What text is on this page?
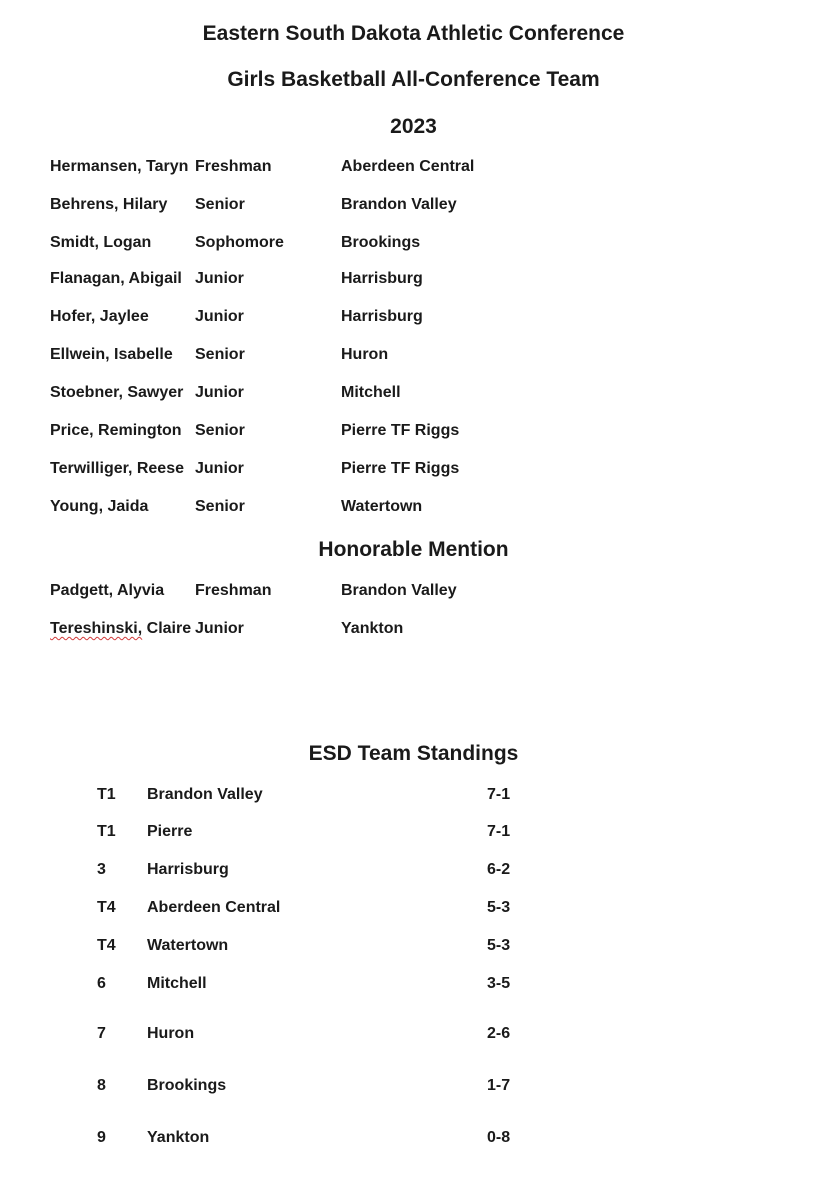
Eastern South Dakota Athletic Conference
Girls Basketball All-Conference Team
2023
Hermansen, Taryn Freshman	Aberdeen Central
Behrens, Hilary Senior	Brandon Valley
Smidt, Logan	Sophomore	Brookings
Flanagan, Abigail Junior	Harrisburg
Hofer, Jaylee	Junior	Harrisburg
Ellwein, Isabelle Senior	Huron
Stoebner, Sawyer Junior	Mitchell
Price, Remington Senior	Pierre TF Riggs
Terwilliger, Reese Junior	Pierre TF Riggs
Young, Jaida	Senior	Watertown
Honorable Mention
Padgett, Alyvia Freshman	Brandon Valley
Tereshinski, Claire Junior	Yankton
ESD Team Standings
T1 Brandon Valley	7-1
T1 Pierre	7-1
3	Harrisburg	6-2
T4 Aberdeen Central	5-3
T4 Watertown	5-3
6	Mitchell	3-5
7	Huron	2-6
8	Brookings	1-7
9	Yankton	0-8
